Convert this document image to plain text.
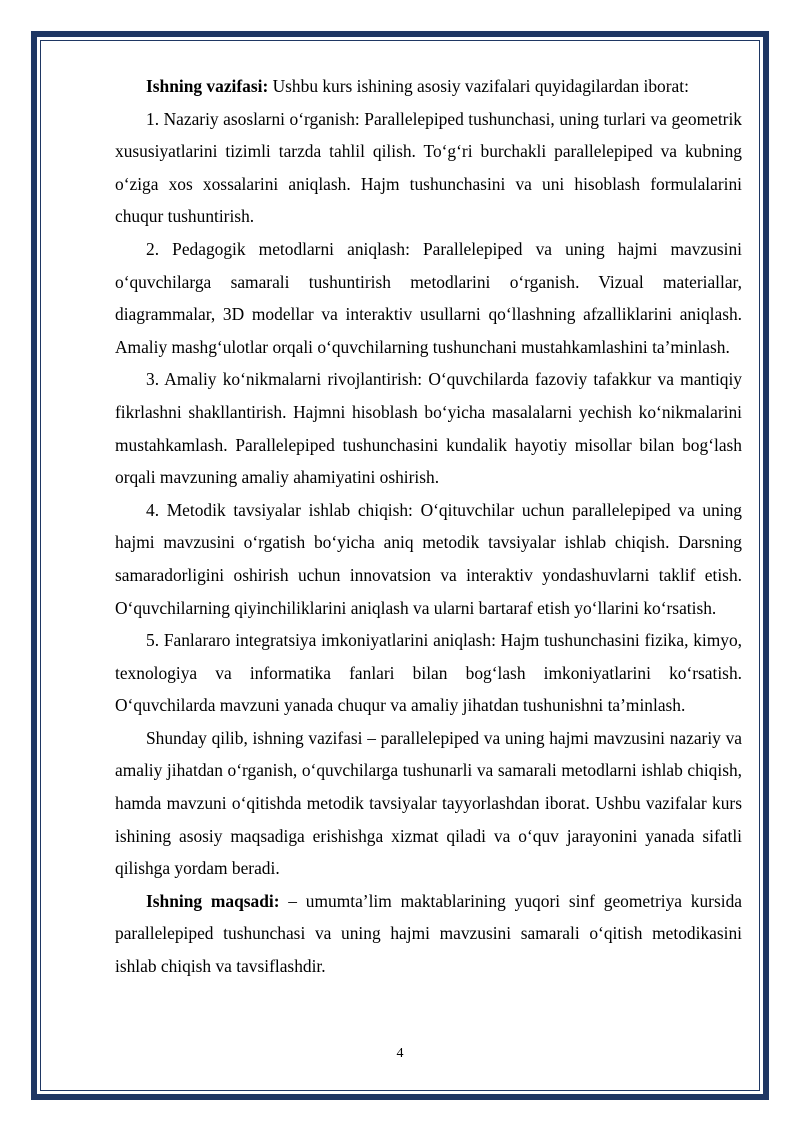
Ishning vazifasi: Ushbu kurs ishining asosiy vazifalari quyidagilardan iborat:

1. Nazariy asoslarni o‘rganish: Parallelepiped tushunchasi, uning turlari va geometrik xususiyatlarini tizimli tarzda tahlil qilish. To‘g‘ri burchakli parallelepiped va kubning o‘ziga xos xossalarini aniqlash. Hajm tushunchasini va uni hisoblash formulalarini chuqur tushuntirish.

2. Pedagogik metodlarni aniqlash: Parallelepiped va uning hajmi mavzusini o‘quvchilarga samarali tushuntirish metodlarini o‘rganish. Vizual materiallar, diagrammalar, 3D modellar va interaktiv usullarni qo‘llashning afzalliklarini aniqlash. Amaliy mashg‘ulotlar orqali o‘quvchilarning tushunchani mustahkamlashini ta’minlash.

3. Amaliy ko‘nikmalarni rivojlantirish: O‘quvchilarda fazoviy tafakkur va mantiqiy fikrlashni shakllantirish. Hajmni hisoblash bo‘yicha masalalarni yechish ko‘nikmalarini mustahkamlash. Parallelepiped tushunchasini kundalik hayotiy misollar bilan bog‘lash orqali mavzuning amaliy ahamiyatini oshirish.

4. Metodik tavsiyalar ishlab chiqish: O‘qituvchilar uchun parallelepiped va uning hajmi mavzusini o‘rgatish bo‘yicha aniq metodik tavsiyalar ishlab chiqish. Darsning samaradorligini oshirish uchun innovatsion va interaktiv yondashuvlarni taklif etish. O‘quvchilarning qiyinchiliklarini aniqlash va ularni bartaraf etish yo‘llarini ko‘rsatish.

5. Fanlararo integratsiya imkoniyatlarini aniqlash: Hajm tushunchasini fizika, kimyo, texnologiya va informatika fanlari bilan bog‘lash imkoniyatlarini ko‘rsatish. O‘quvchilarda mavzuni yanada chuqur va amaliy jihatdan tushunishni ta’minlash.

Shunday qilib, ishning vazifasi – parallelepiped va uning hajmi mavzusini nazariy va amaliy jihatdan o‘rganish, o‘quvchilarga tushunarli va samarali metodlarni ishlab chiqish, hamda mavzuni o‘qitishda metodik tavsiyalar tayyorlashdan iborat. Ushbu vazifalar kurs ishining asosiy maqsadiga erishishga xizmat qiladi va o‘quv jarayonini yanada sifatli qilishga yordam beradi.

Ishning maqsadi: – umumta’lim maktablarining yuqori sinf geometriya kursida parallelepiped tushunchasi va uning hajmi mavzusini samarali o‘qitish metodikasini ishlab chiqish va tavsiflashdir.

4
